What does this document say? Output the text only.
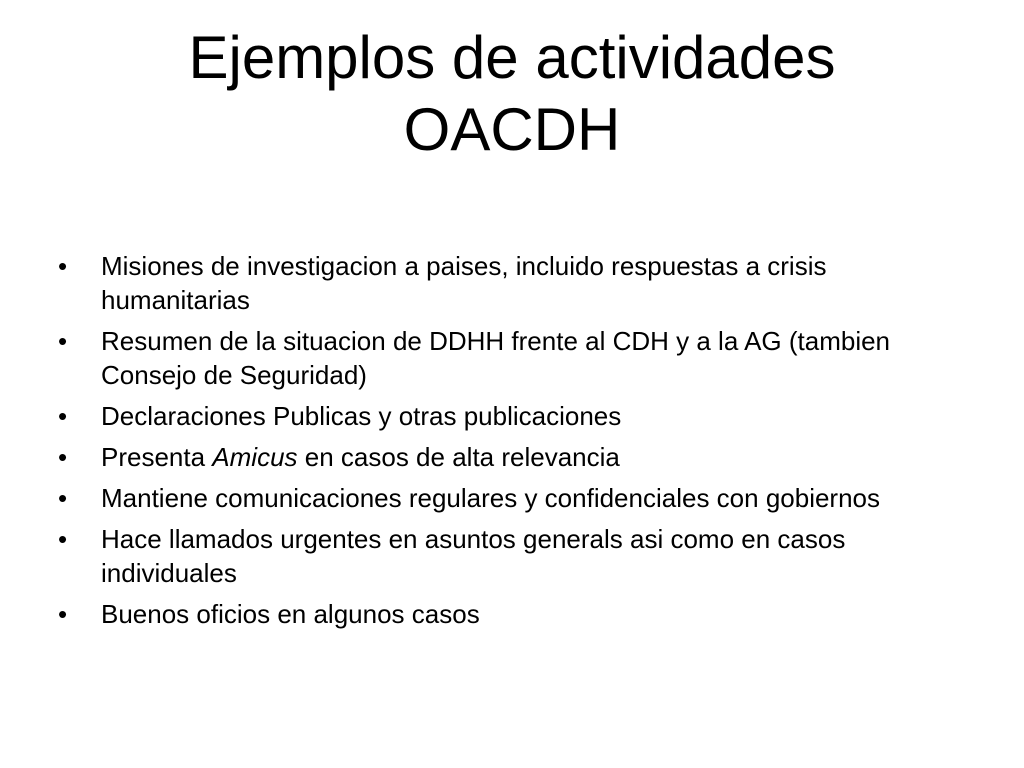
Ejemplos de actividades
OACDH
•	Misiones de investigacion a paises, incluido respuestas a crisis humanitarias
•	Resumen de la situacion de DDHH frente al CDH y a la AG (tambien Consejo de Seguridad)
•	Declaraciones Publicas y otras publicaciones
•	Presenta Amicus en casos de alta relevancia
•	Mantiene comunicaciones regulares y confidenciales con gobiernos
•	Hace llamados urgentes en asuntos generals asi como en casos individuales
•	Buenos oficios en algunos casos
